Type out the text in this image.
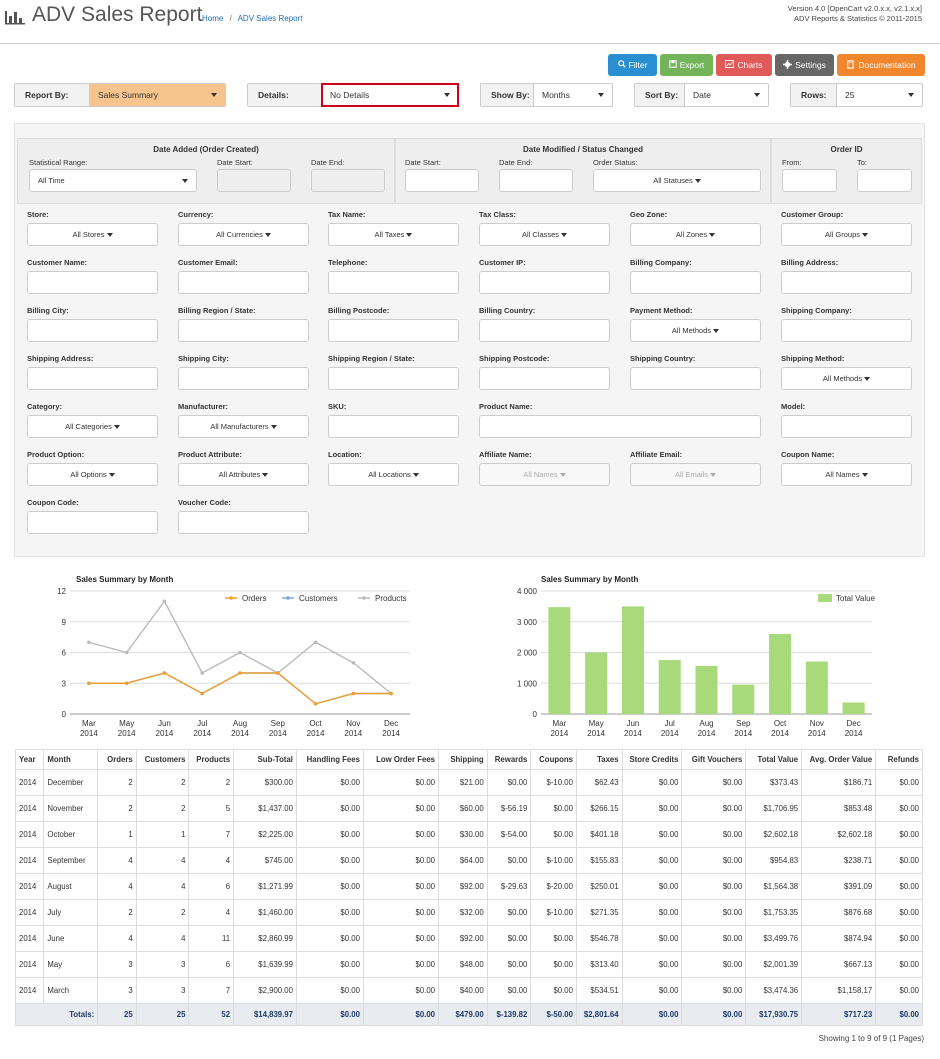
ADV Sales Report Home / ADV Sales Report
Version 4.0 [OpenCart v2.0.x.x, v2.1.x.x]
ADV Reports & Statistics © 2011-2015
Filter	Export	Charts	Settings	Documentation
Report By:	Sales Summary	Details:	No Details	Show By:	Months	Sort By:	Date	Rows:	25
Date Added (Order Created)
Statistical Range:
All Time
Date Start:	Date End:
Date Modified / Status Changed
Date Start:	Date End:	Order Status:
All Statuses
Order ID
From:	To:
Store:
All Stores
Currency:
All Currencies
Tax Name:
All Taxes
Tax Class:
All Classes
Geo Zone:
All Zones
Customer Group:
All Groups
Customer Name:	Customer Email:	Telephone:	Customer IP:	Billing Company:	Billing Address:
Billing City:	Billing Region / State:	Billing Postcode:	Billing Country:	Payment Method:
All Methods
Shipping Company:
Shipping Address:	Shipping City:	Shipping Region / State:	Shipping Postcode:	Shipping Country:	Shipping Method:
All Methods
Category:
All Categories
Manufacturer:
All Manufacturers
SKU:	Product Name:	Model:
Product Option:
All Options
Product Attribute:
All Attributes
Location:
All Locations
Affiliate Name:
All Names
Affiliate Email:
All Emails
Coupon Name:
All Names
Coupon Code:	Voucher Code:
Sales Summary by Month
0
3
6
9
12
Mar
2014
May
2014
Jun
2014
Jul
2014
Aug
2014
Sep
2014
Oct
2014
Nov
2014
Dec
2014
Orders	Customers	Products
Sales Summary by Month
0
1 000
2 000
3 000
4 000
Mar
2014
May
2014
Jun
2014
Jul
2014
Aug
2014
Sep
2014
Oct
2014
Nov
2014
Dec
2014
Total Value
Year	Month	Orders	Customers	Products	Sub-Total	Handling Fees	Low Order Fees	Shipping	Rewards	Coupons	Taxes	Store Credits	Gift Vouchers	Total Value	Avg. Order Value	Refunds
2014	December	2	2	2	$300.00	$0.00	$0.00	$21.00	$0.00	$-10.00	$62.43	$0.00	$0.00	$373.43	$186.71	$0.00
2014	November	2	2	5	$1,437.00	$0.00	$0.00	$60.00	$-56.19	$0.00	$266.15	$0.00	$0.00	$1,706.95	$853.48	$0.00
2014	October	1	1	7	$2,225.00	$0.00	$0.00	$30.00	$-54.00	$0.00	$401.18	$0.00	$0.00	$2,602.18	$2,602.18	$0.00
2014	September	4	4	4	$745.00	$0.00	$0.00	$64.00	$0.00	$-10.00	$155.83	$0.00	$0.00	$954.83	$238.71	$0.00
2014	August	4	4	6	$1,271.99	$0.00	$0.00	$92.00	$-29.63	$-20.00	$250.01	$0.00	$0.00	$1,564.38	$391.09	$0.00
2014	July	2	2	4	$1,460.00	$0.00	$0.00	$32.00	$0.00	$-10.00	$271.35	$0.00	$0.00	$1,753.35	$876.68	$0.00
2014	June	4	4	11	$2,860.99	$0.00	$0.00	$92.00	$0.00	$0.00	$546.78	$0.00	$0.00	$3,499.76	$874.94	$0.00
2014	May	3	3	6	$1,639.99	$0.00	$0.00	$48.00	$0.00	$0.00	$313.40	$0.00	$0.00	$2,001.39	$667.13	$0.00
2014	March	3	3	7	$2,900.00	$0.00	$0.00	$40.00	$0.00	$0.00	$534.51	$0.00	$0.00	$3,474.36	$1,158.17	$0.00
Totals:		25	25	52	$14,839.97	$0.00	$0.00	$479.00	$-139.82	$-50.00	$2,801.64	$0.00	$0.00	$17,930.75	$717.23	$0.00
Showing 1 to 9 of 9 (1 Pages)
